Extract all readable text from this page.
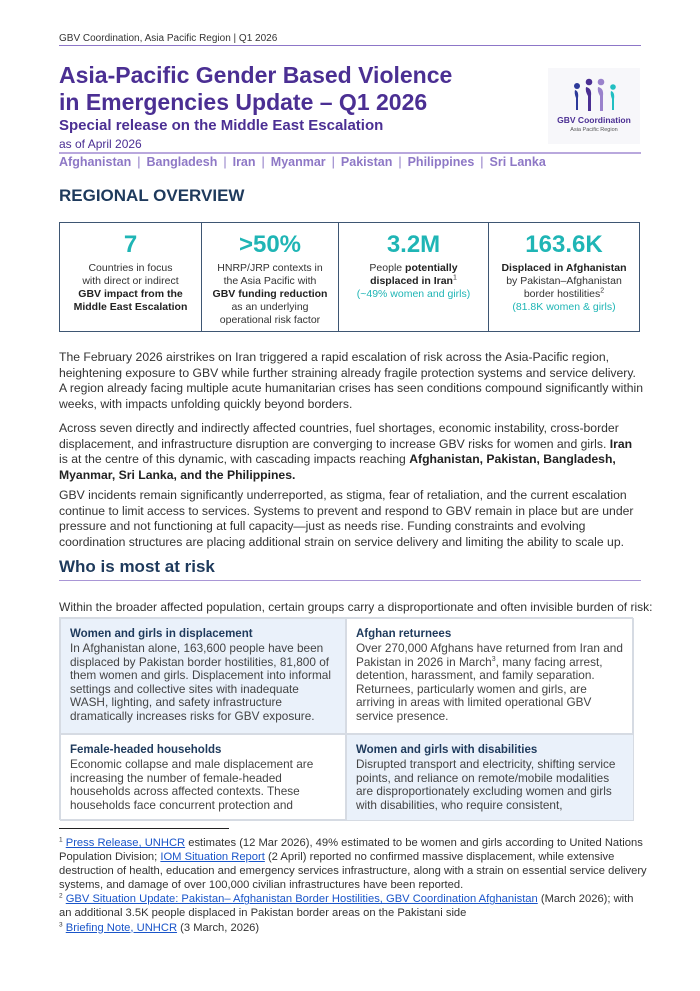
GBV Coordination, Asia Pacific Region | Q1 2026
Asia-Pacific Gender Based Violence
in Emergencies Update – Q1 2026
Special release on the Middle East Escalation
as of April 2026
GBV Coordination
Asia Pacific Region
Afghanistan | Bangladesh | Iran | Myanmar | Pakistan | Philippines | Sri Lanka
REGIONAL OVERVIEW
7
Countries in focus
with direct or indirect
GBV impact from the
Middle East Escalation
>50%
HNRP/JRP contexts in
the Asia Pacific with
GBV funding reduction
as an underlying
operational risk factor
3.2M
People potentially
displaced in Iran$^1$
(~49% women and girls)
163.6K
Displaced in Afghanistan
by Pakistan–Afghanistan
border hostilities$^2$
(81.8K women & girls)

The February 2026 airstrikes on Iran triggered a rapid escalation of risk across the Asia-Pacific region, heightening exposure to GBV while further straining already fragile protection systems and service delivery. A region already facing multiple acute humanitarian crises has seen conditions compound significantly within weeks, with impacts unfolding quickly beyond borders.

Across seven directly and indirectly affected countries, fuel shortages, economic instability, cross-border displacement, and infrastructure disruption are converging to increase GBV risks for women and girls. Iran is at the centre of this dynamic, with cascading impacts reaching Afghanistan, Pakistan, Bangladesh, Myanmar, Sri Lanka, and the Philippines.

GBV incidents remain significantly underreported, as stigma, fear of retaliation, and the current escalation continue to limit access to services. Systems to prevent and respond to GBV remain in place but are under pressure and not functioning at full capacity—just as needs rise. Funding constraints and evolving coordination structures are placing additional strain on service delivery and limiting the ability to scale up.

Who is most at risk
Within the broader affected population, certain groups carry a disproportionate and often invisible burden of risk:
Women and girls in displacement
In Afghanistan alone, 163,600 people have been displaced by Pakistan border hostilities, 81,800 of them women and girls. Displacement into informal settings and collective sites with inadequate WASH, lighting, and safety infrastructure dramatically increases risks for GBV exposure.
Afghan returnees
Over 270,000 Afghans have returned from Iran and Pakistan in 2026 in March$^3$, many facing arrest, detention, harassment, and family separation. Returnees, particularly women and girls, are arriving in areas with limited operational GBV service presence.
Female-headed households
Economic collapse and male displacement are increasing the number of female-headed households across affected contexts. These households face concurrent protection and
Women and girls with disabilities
Disrupted transport and electricity, shifting service points, and reliance on remote/mobile modalities are disproportionately excluding women and girls with disabilities, who require consistent,
$^1$ Press Release, UNHCR estimates (12 Mar 2026), 49% estimated to be women and girls according to United Nations Population Division; IOM Situation Report (2 April) reported no confirmed massive displacement, while extensive destruction of health, education and emergency services infrastructure, along with a strain on essential service delivery systems, and damage of over 100,000 civilian infrastructures have been reported.
$^2$ GBV Situation Update: Pakistan– Afghanistan Border Hostilities, GBV Coordination Afghanistan (March 2026); with an additional 3.5K people displaced in Pakistan border areas on the Pakistani side
$^3$ Briefing Note, UNHCR (3 March, 2026)
